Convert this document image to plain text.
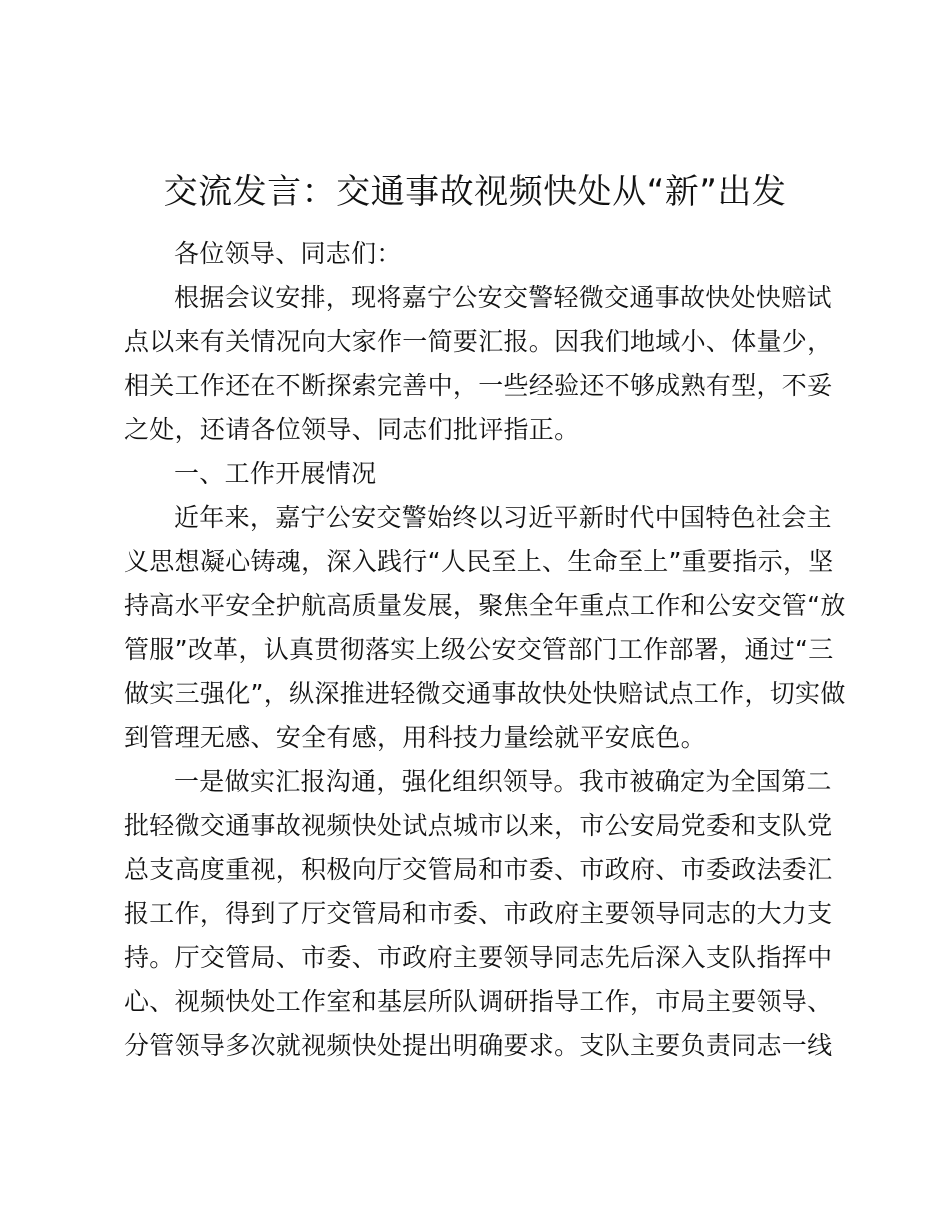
交流发言：交通事故视频快处从“新”出发
各位领导、同志们：
根据会议安排，现将嘉宁公安交警轻微交通事故快处快赔试
点以来有关情况向大家作一简要汇报。因我们地域小、体量少，
相关工作还在不断探索完善中，一些经验还不够成熟有型，不妥
之处，还请各位领导、同志们批评指正。
一、工作开展情况
近年来，嘉宁公安交警始终以习近平新时代中国特色社会主
义思想凝心铸魂，深入践行“人民至上、生命至上”重要指示，坚
持高水平安全护航高质量发展，聚焦全年重点工作和公安交管“放
管服”改革，认真贯彻落实上级公安交管部门工作部署，通过“三
做实三强化”，纵深推进轻微交通事故快处快赔试点工作，切实做
到管理无感、安全有感，用科技力量绘就平安底色。
一是做实汇报沟通，强化组织领导。我市被确定为全国第二
批轻微交通事故视频快处试点城市以来，市公安局党委和支队党
总支高度重视，积极向厅交管局和市委、市政府、市委政法委汇
报工作，得到了厅交管局和市委、市政府主要领导同志的大力支
持。厅交管局、市委、市政府主要领导同志先后深入支队指挥中
心、视频快处工作室和基层所队调研指导工作，市局主要领导、
分管领导多次就视频快处提出明确要求。支队主要负责同志一线
